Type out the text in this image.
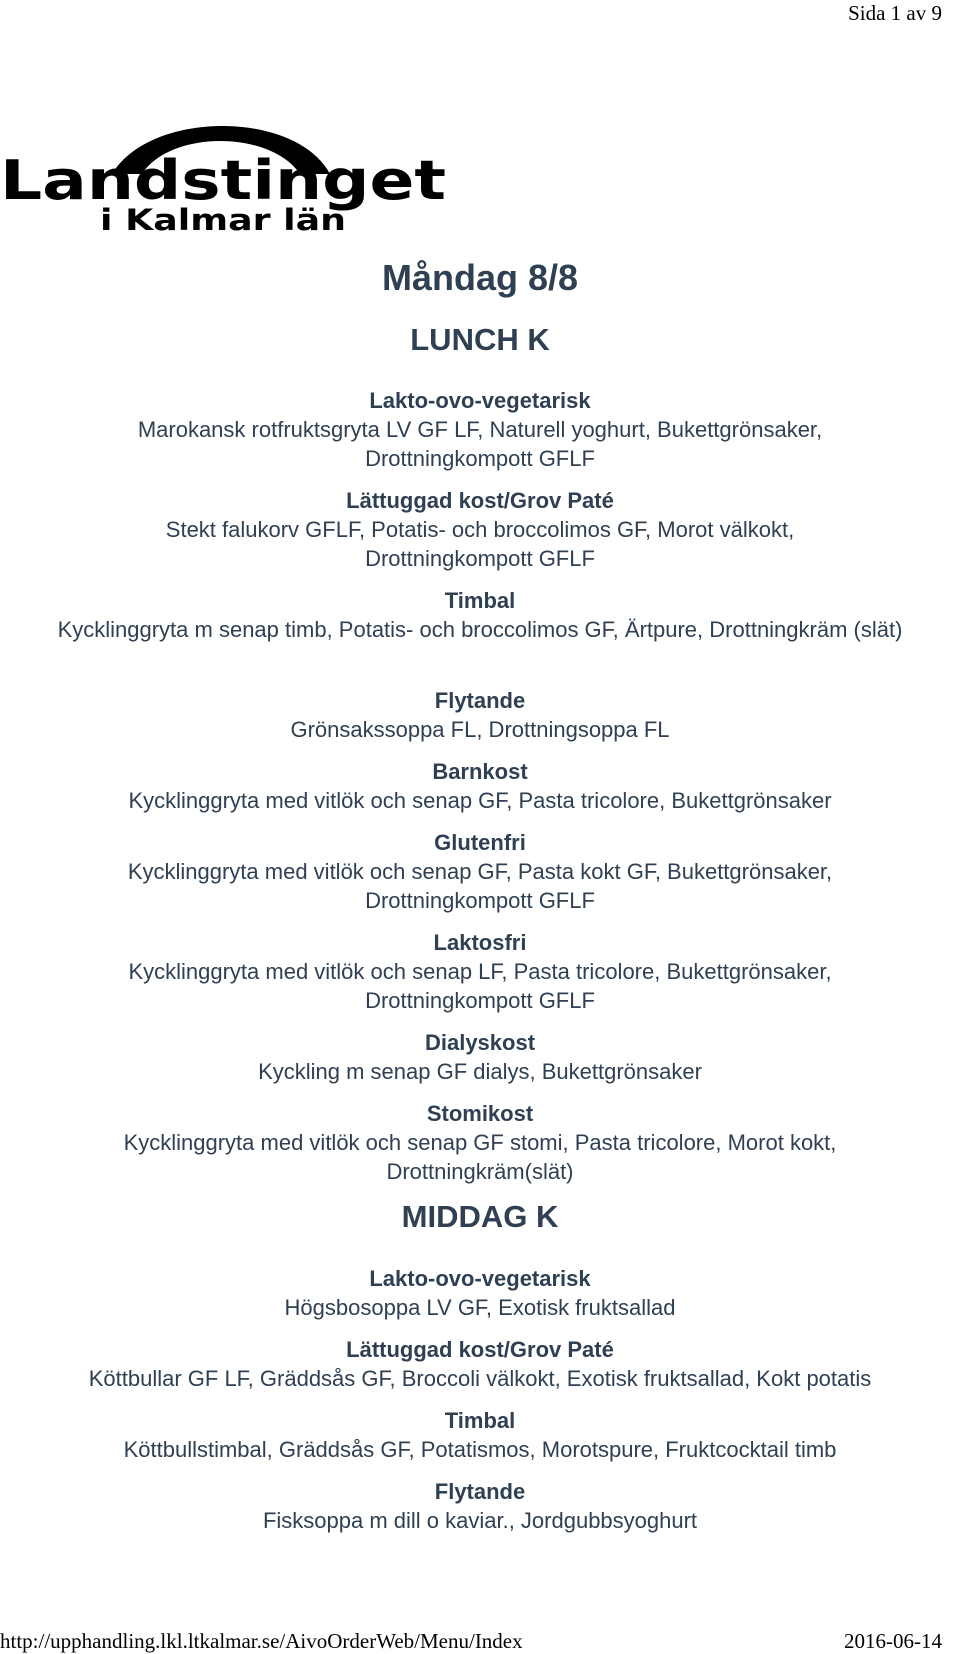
Sida 1 av 9
Landstinget
i Kalmar län
Måndag 8/8
LUNCH K
Lakto-ovo-vegetarisk
Marokansk rotfruktsgryta LV GF LF, Naturell yoghurt, Bukettgrönsaker, Drottningkompott GFLF
Lättuggad kost/Grov Paté
Stekt falukorv GFLF, Potatis- och broccolimos GF, Morot välkokt, Drottningkompott GFLF
Timbal
Kycklinggryta m senap timb, Potatis- och broccolimos GF, Ärtpure, Drottningkräm (slät)
Flytande
Grönsakssoppa FL, Drottningsoppa FL
Barnkost
Kycklinggryta med vitlök och senap GF, Pasta tricolore, Bukettgrönsaker
Glutenfri
Kycklinggryta med vitlök och senap GF, Pasta kokt GF, Bukettgrönsaker, Drottningkompott GFLF
Laktosfri
Kycklinggryta med vitlök och senap LF, Pasta tricolore, Bukettgrönsaker, Drottningkompott GFLF
Dialyskost
Kyckling m senap GF dialys, Bukettgrönsaker
Stomikost
Kycklinggryta med vitlök och senap GF stomi, Pasta tricolore, Morot kokt, Drottningkräm(slät)
MIDDAG K
Lakto-ovo-vegetarisk
Högsbosoppa LV GF, Exotisk fruktsallad
Lättuggad kost/Grov Paté
Köttbullar GF LF, Gräddsås GF, Broccoli välkokt, Exotisk fruktsallad, Kokt potatis
Timbal
Köttbullstimbal, Gräddsås GF, Potatismos, Morotspure, Fruktcocktail timb
Flytande
Fisksoppa m dill o kaviar., Jordgubbsyoghurt
http://upphandling.lkl.ltkalmar.se/AivoOrderWeb/Menu/Index	2016-06-14
